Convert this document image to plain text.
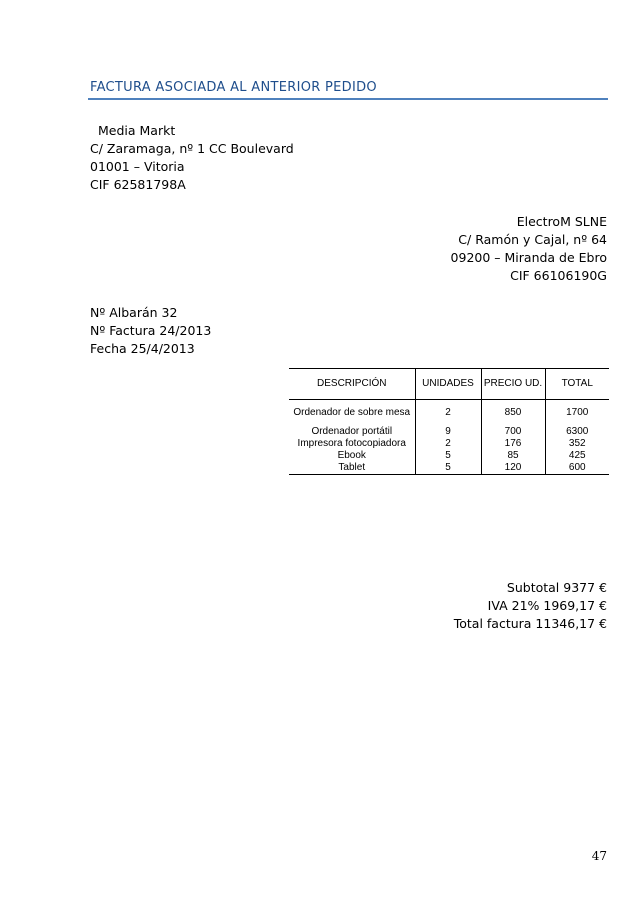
FACTURA ASOCIADA AL ANTERIOR PEDIDO
Media Markt
C/ Zaramaga, nº 1 CC Boulevard
01001 – Vitoria
CIF 62581798A
ElectroM SLNE
C/ Ramón y Cajal, nº 64
09200 – Miranda de Ebro
CIF 66106190G
Nº Albarán 32
Nº Factura 24/2013
Fecha 25/4/2013
DESCRIPCIÓN	UNIDADES	PRECIO UD.	TOTAL
Ordenador de sobre mesa	2	850	1700
Ordenador portátil	9	700	6300
Impresora fotocopiadora	2	176	352
Ebook	5	85	425
Tablet	5	120	600
Subtotal 9377 €
IVA 21% 1969,17 €
Total factura 11346,17 €
47
